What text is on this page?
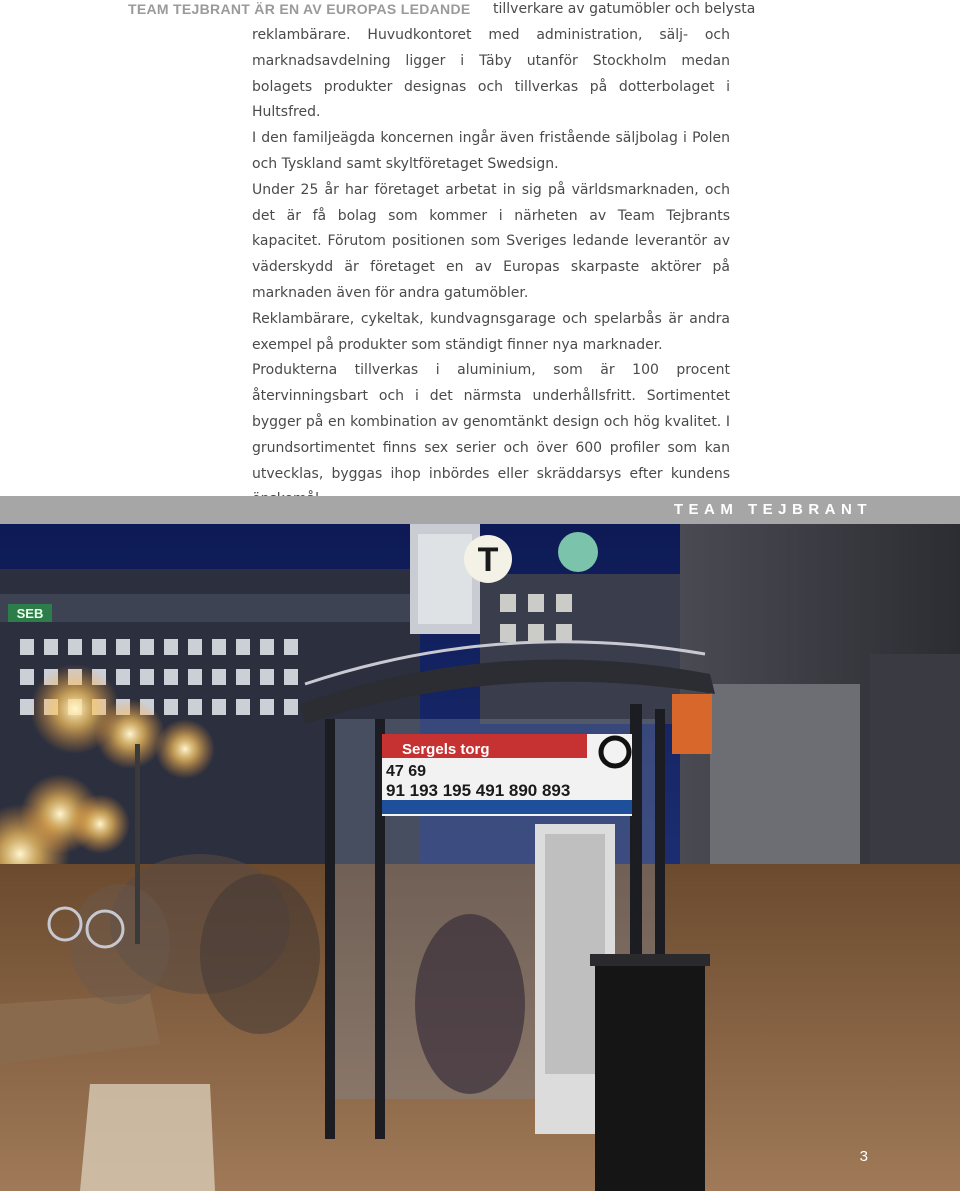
TEAM TEJBRANT ÄR EN AV EUROPAS LEDANDE tillverkare av gatumöbler och belysta

reklambärare. Huvudkontoret med administration, sälj- och marknadsavdelning ligger i Täby utanför Stockholm medan bolagets produkter designas och tillverkas på dotterbolaget i Hultsfred.

I den familjeägda koncernen ingår även fristående säljbolag i Polen och Tyskland samt skyltföretaget Swedsign.

Under 25 år har företaget arbetat in sig på världsmarknaden, och det är få bolag som kommer i närheten av Team Tejbrants kapacitet. Förutom positionen som Sveriges ledande leverantör av väderskydd är företaget en av Europas skarpaste aktörer på marknaden även för andra gatumöbler.

Reklambärare, cykeltak, kundvagnsgarage och spelarbås är andra exempel på produkter som ständigt finner nya marknader.

Produkterna tillverkas i aluminium, som är 100 procent återvinningsbart och i det närmsta underhållsfritt. Sortimentet bygger på en kombination av genomtänkt design och hög kvalitet. I grundsortimentet finns sex serier och över 600 profiler som kan utvecklas, byggas ihop inbördes eller skräddarsys efter kundens

TEAM TEJBRANT
T
SEB
Sergels torg
47 69
91 193 195 491 890 893
3
